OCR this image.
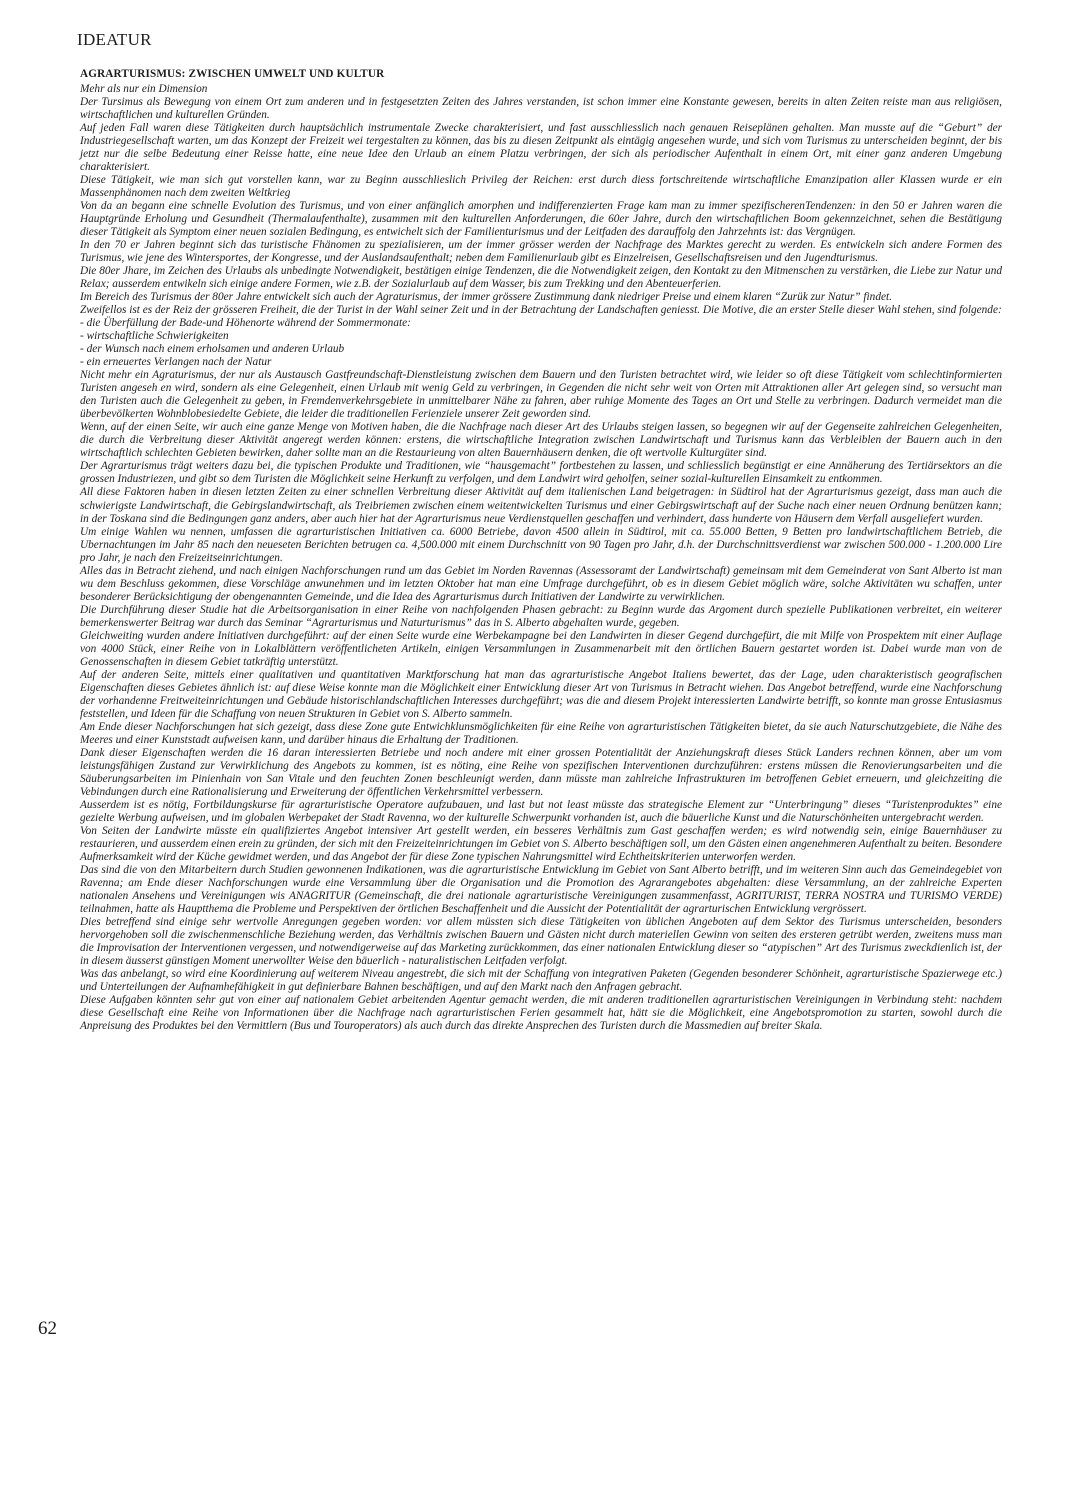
IDEATUR
62
AGRARTURISMUS: ZWISCHEN UMWELT UND KULTUR

Mehr als nur ein Dimension

Der Tursimus als Bewegung von einem Ort zum anderen und in festgesetzten Zeiten des Jahres verstanden, ist schon immer eine Konstante gewesen, bereits in alten Zeiten reiste man aus religiösen, wirtschaftlichen und kulturellen Gründen.

Auf jeden Fall waren diese Tätigkeiten durch hauptsächlich instrumentale Zwecke charakterisiert, und fast ausschliesslich nach genauen Reiseplänen gehalten. Man musste auf die “Geburt” der Industriegesellschaft warten, um das Konzept der Freizeit wei tergestalten zu können, das bis zu diesen Zeitpunkt als eintägig angesehen wurde, und sich vom Turismus zu unterscheiden beginnt, der bis jetzt nur die selbe Bedeutung einer Reisse hatte, eine neue Idee den Urlaub an einem Platzu verbringen, der sich als periodischer Aufenthalt in einem Ort, mit einer ganz anderen Umgebung charakterisiert.

Diese Tätigkeit, wie man sich gut vorstellen kann, war zu Beginn ausschlieslich Privileg der Reichen: erst durch diess fortschreitende wirtschaftliche Emanzipation aller Klassen wurde er ein Massenphänomen nach dem zweiten Weltkrieg

Von da an begann eine schnelle Evolution des Turismus, und von einer anfänglich amorphen und indifferenzierten Frage kam man zu immer spezifischerenTendenzen: in den 50 er Jahren waren die Hauptgründe Erholung und Gesundheit (Thermalaufenthalte), zusammen mit den kulturellen Anforderungen, die 60er Jahre, durch den wirtschaftlichen Boom gekennzeichnet, sehen die Bestätigung dieser Tätigkeit als Symptom einer neuen sozialen Bedingung, es entwichelt sich der Familienturismus und der Leitfaden des darauffolg den Jahrzehnts ist: das Vergnügen.

In den 70 er Jahren beginnt sich das turistische Fhänomen zu spezialisieren, um der immer grösser werden der Nachfrage des Marktes gerecht zu werden. Es entwickeln sich andere Formen des Turismus, wie jene des Wintersportes, der Kongresse, und der Auslandsaufenthalt; neben dem Familienurlaub gibt es Einzelreisen, Gesellschaftsreisen und den Jugendturismus.

Die 80er Jhare, im Zeichen des Urlaubs als unbedingte Notwendigkeit, bestätigen einige Tendenzen, die die Notwendigkeit zeigen, den Kontakt zu den Mitmenschen zu verstärken, die Liebe zur Natur und Relax; ausserdem entwikeln sich einige andere Formen, wie z.B. der Sozialurlaub auf dem Wasser, bis zum Trekking und den Abenteuerferien.

Im Bereich des Turismus der 80er Jahre entwickelt sich auch der Agraturismus, der immer grössere Zustimmung dank niedriger Preise und einem klaren “Zurük zur Natur” findet.

Zweifellos ist es der Reiz der grösseren Freiheit, die der Turist in der Wahl seiner Zeit und in der Betrachtung der Landschaften geniesst. Die Motive, die an erster Stelle dieser Wahl stehen, sind folgende:

- die Überfüllung der Bade-und Höhenorte während der Sommermonate:

- wirtschaftliche Schwierigkeiten

- der Wunsch nach einem erholsamen und anderen Urlaub

- ein erneuertes Verlangen nach der Natur

Nicht mehr ein Agraturismus, der nur als Austausch Gastfreundschaft-Dienstleistung zwischen dem Bauern und den Turisten betrachtet wird, wie leider so oft diese Tätigkeit vom schlechtinformierten Turisten angeseh en wird, sondern als eine Gelegenheit, einen Urlaub mit wenig Geld zu verbringen, in Gegenden die nicht sehr weit von Orten mit Attraktionen aller Art gelegen sind, so versucht man den Turisten auch die Gelegenheit zu geben, in Fremdenverkehrsgebiete in unmittelbarer Nähe zu fahren, aber ruhige Momente des Tages an Ort und Stelle zu verbringen. Dadurch vermeidet man die überbevölkerten Wohnblobesiedelte Gebiete, die leider die traditionellen Ferienziele unserer Zeit geworden sind.

Wenn, auf der einen Seite, wir auch eine ganze Menge von Motiven haben, die die Nachfrage nach dieser Art des Urlaubs steigen lassen, so begegnen wir auf der Gegenseite zahlreichen Gelegenheiten, die durch die Verbreitung dieser Aktivität angeregt werden können: erstens, die wirtschaftliche Integration zwischen Landwirtschaft und Turismus kann das Verbleiblen der Bauern auch in den wirtschaftlich schlechten Gebieten bewirken, daher sollte man an die Restaurieung von alten Bauernhäusern denken, die oft wertvolle Kulturgüter sind.

Der Agrarturismus trägt weiters dazu bei, die typischen Produkte und Traditionen, wie “hausgemacht” fortbestehen zu lassen, und schliesslich begünstigt er eine Annäherung des Tertiärsektors an die grossen Industriezen, und gibt so dem Turisten die Möglichkeit seine Herkunft zu verfolgen, und dem Landwirt wird geholfen, seiner sozial-kulturellen Einsamkeit zu entkommen.

All diese Faktoren haben in diesen letzten Zeiten zu einer schnellen Verbreitung dieser Aktivität auf dem italienischen Land beigetragen: in Südtirol hat der Agrarturismus gezeigt, dass man auch die schwierigste Landwirtschaft, die Gebirgslandwirtschaft, als Treibriemen zwischen einem weitentwickelten Turismus und einer Gebirgswirtschaft auf der Suche nach einer neuen Ordnung benützen kann; in der Toskana sind die Bedingungen ganz anders, aber auch hier hat der Agrarturismus neue Verdienstquellen geschaffen und verhindert, dass hunderte von Häusern dem Verfall ausgeliefert wurden.

Um einige Wahlen wu nennen, umfassen die agrarturistischen Initiativen ca. 6000 Betriebe, davon 4500 allein in Südtirol, mit ca. 55.000 Betten, 9 Betten pro landwirtschaftlichem Betrieb, die Ubernachtungen im Jahr 85 nach den neueseten Berichten betrugen ca. 4,500.000 mit einem Durchschnitt von 90 Tagen pro Jahr, d.h. der Durchschnittsverdienst war zwischen 500.000 - 1.200.000 Lire pro Jahr, je nach den Freizeitseinrichtungen.

Alles das in Betracht ziehend, und nach einigen Nachforschungen rund um das Gebiet im Norden Ravennas (Assessoramt der Landwirtschaft) gemeinsam mit dem Gemeinderat von Sant Alberto ist man wu dem Beschluss gekommen, diese Vorschläge anwunehmen und im letzten Oktober hat man eine Umfrage durchgeführt, ob es in diesem Gebiet möglich wäre, solche Aktivitäten wu schaffen, unter besonderer Berücksichtigung der obengenannten Gemeinde, und die Idea des Agrarturismus durch Initiativen der Landwirte zu verwirklichen.

Die Durchführung dieser Studie hat die Arbeitsorganisation in einer Reihe von nachfolgenden Phasen gebracht: zu Beginn wurde das Argoment durch spezielle Publikationen verbreitet, ein weiterer bemerkenswerter Beitrag war durch das Seminar “Agrarturismus und Naturturismus” das in S. Alberto abgehalten wurde, gegeben.

Gleichweiting wurden andere Initiativen durchgeführt: auf der einen Seite wurde eine Werbekampagne bei den Landwirten in dieser Gegend durchgefürt, die mit Milfe von Prospektem mit einer Auflage von 4000 Stück, einer Reihe von in Lokalblättern veröffentlicheten Artikeln, einigen Versammlungen in Zusammenarbeit mit den örtlichen Bauern gestartet worden ist. Dabei wurde man von de Genossenschaften in diesem Gebiet tatkräftig unterstützt.

Auf der anderen Seite, mittels einer qualitativen und quantitativen Marktforschung hat man das agrarturistische Angebot Italiens bewertet, das der Lage, uden charakteristisch geografischen Eigenschaften dieses Gebietes ähnlich ist: auf diese Weise konnte man die Möglichkeit einer Entwicklung dieser Art von Turismus in Betracht wiehen. Das Angebot betreffend, wurde eine Nachforschung der vorhandenne Freitweiteinrichtungen und Gebäude historischlandschaftlichen Interesses durchgeführt; was die and diesem Projekt interessierten Landwirte betrifft, so konnte man grosse Entusiasmus feststellen, und Ideen für die Schaffung von neuen Strukturen in Gebiet von S. Alberto sammeln.

Am Ende dieser Nachforschungen hat sich gezeigt, dass diese Zone gute Entwichklunsmöglichkeiten für eine Reihe von agrarturistischen Tätigkeiten bietet, da sie auch Naturschutzgebiete, die Nähe des Meeres und einer Kunststadt aufweisen kann, und darüber hinaus die Erhaltung der Traditionen.

Dank dieser Eigenschaften werden die 16 daran interessierten Betriebe und noch andere mit einer grossen Potentialität der Anziehungskraft dieses Stück Landers rechnen können, aber um vom leistungsfähigen Zustand zur Verwirklichung des Angebots zu kommen, ist es nöting, eine Reihe von spezifischen Interventionen durchzuführen: erstens müssen die Renovierungsarbeiten und die Säuberungsarbeiten im Pinienhain von San Vitale und den feuchten Zonen beschleunigt werden, dann müsste man zahlreiche Infrastrukturen im betroffenen Gebiet erneuern, und gleichzeiting die Vebindungen durch eine Rationalisierung und Erweiterung der öffentlichen Verkehrsmittel verbessern.

Ausserdem ist es nötig, Fortbildungskurse für agrarturistische Operatore aufzubauen, und last but not least müsste das strategische Element zur “Unterbringung” dieses “Turistenproduktes” eine gezielte Werbung aufweisen, und im globalen Werbepaket der Stadt Ravenna, wo der kulturelle Schwerpunkt vorhanden ist, auch die bäuerliche Kunst und die Naturschönheiten untergebracht werden.

Von Seiten der Landwirte müsste ein qualifiziertes Angebot intensiver Art gestellt werden, ein besseres Verhältnis zum Gast geschaffen werden; es wird notwendig sein, einige Bauernhäuser zu restaurieren, und ausserdem einen erein zu gründen, der sich mit den Freizeiteinrichtungen im Gebiet von S. Alberto beschäftigen soll, um den Gästen einen angenehmeren Aufenthalt zu beiten. Besondere Aufmerksamkeit wird der Küche gewidmet werden, und das Angebot der für diese Zone typischen Nahrungsmittel wird Echtheitskriterien unterworfen werden.

Das sind die von den Mitarbeitern durch Studien gewonnenen Indikationen, was die agrarturistische Entwicklung im Gebiet von Sant Alberto betrifft, und im weiteren Sinn auch das Gemeindegebiet von Ravenna; am Ende dieser Nachforschungen wurde eine Versammlung über die Organisation und die Promotion des Agrarangebotes abgehalten: diese Versammlung, an der zahlreiche Experten nationalen Ansehens und Vereinigungen wis ANAGRITUR (Gemeinschaft, die drei nationale agrarturistische Vereinigungen zusammenfasst, AGRITURIST, TERRA NOSTRA und TURISMO VERDE) teilnahmen, hatte als Hauptthema die Probleme und Perspektiven der örtlichen Beschaffenheit und die Aussicht der Potentialität der agrarturischen Entwicklung vergrössert.

Dies betreffend sind einige sehr wertvolle Anregungen gegeben worden: vor allem müssten sich diese Tätigkeiten von üblichen Angeboten auf dem Sektor des Turismus unterscheiden, besonders hervorgehoben soll die zwischenmenschliche Beziehung werden, das Verhältnis zwischen Bauern und Gästen nicht durch materiellen Gewinn von seiten des ersteren getrübt werden, zweitens muss man die Improvisation der Interventionen vergessen, und notwendigerweise auf das Marketing zurückkommen, das einer nationalen Entwicklung dieser so “atypischen” Art des Turismus zweckdienlich ist, der in diesem äusserst günstigen Moment unerwollter Weise den bäuerlich - naturalistischen Leitfaden verfolgt.

Was das anbelangt, so wird eine Koordinierung auf weiterem Niveau angestrebt, die sich mit der Schaffung von integrativen Paketen (Gegenden besonderer Schönheit, agrarturistische Spazierwege etc.) und Unterteilungen der Aufnamhefähigkeit in gut definierbare Bahnen beschäftigen, und auf den Markt nach den Anfragen gebracht.

Diese Aufgaben könnten sehr gut von einer auf nationalem Gebiet arbeitenden Agentur gemacht werden, die mit anderen traditionellen agrarturistischen Vereinigungen in Verbindung steht: nachdem diese Gesellschaft eine Reihe von Informationen über die Nachfrage nach agrarturistischen Ferien gesammelt hat, hätt sie die Möglichkeit, eine Angebotspromotion zu starten, sowohl durch die Anpreisung des Produktes bei den Vermittlern (Bus und Touroperators) als auch durch das direkte Ansprechen des Turisten durch die Massmedien auf breiter Skala.
